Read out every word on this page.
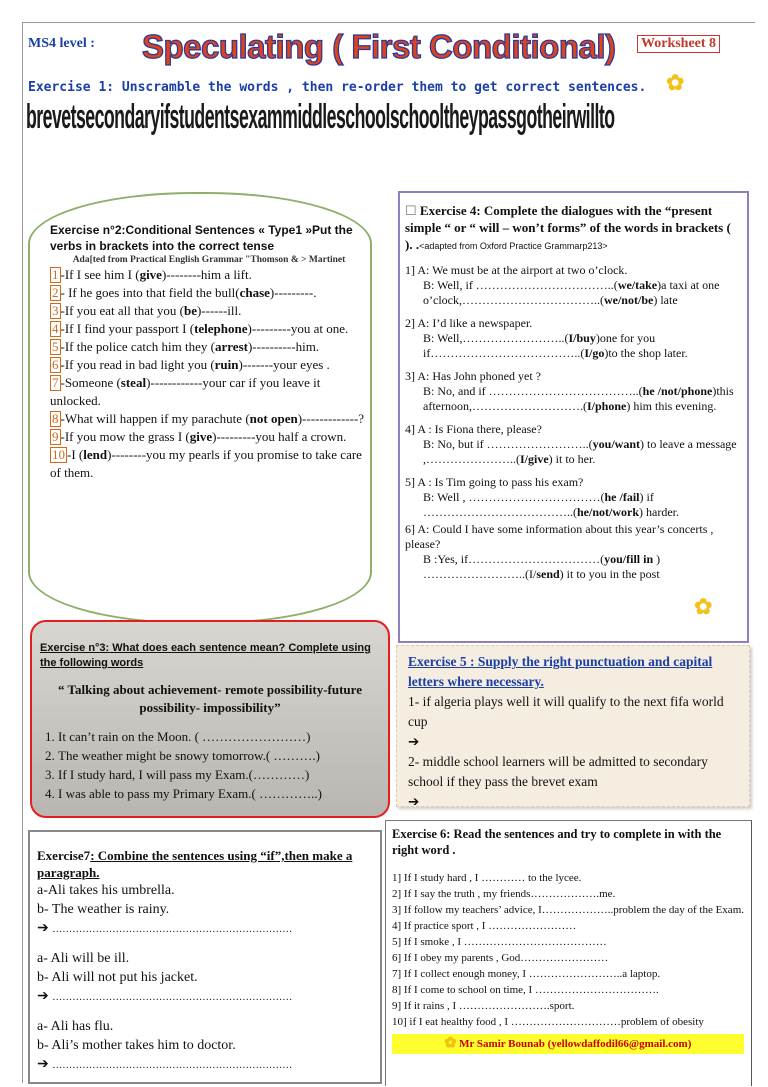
MS4 level : Speculating ( First Conditional) Worksheet 8
✿
Exercise 1: Unscramble the words , then re-order them to get correct sentences.
brevetsecondaryifstudentsexammiddleschoolschooltheypassgotheirwillto
Exercise n°2:Conditional Sentences « Type1 »Put the verbs in brackets into the correct tense
Ada[ted from Practical English Grammar "Thomson & > Martinet
1 -If I see him I (give)--------him a lift.
2 - If he goes into that field the bull(chase)---------.
3 -If you eat all that you (be)------ill.
4 -If I find your passport I (telephone)---------you at one.
5 -If the police catch him they (arrest)----------him.
6 -If you read in bad light you (ruin)-------your eyes .
7 -Someone (steal)------------your car if you leave it unlocked.
8 -What will happen if my parachute (not open)-------------?
9 -If you mow the grass I (give)---------you half a crown.
10 -I (lend)--------you my pearls if you promise to take care of them.
☐ Exercise 4: Complete the dialogues with the “present simple “ or “ will – won’t forms” of the words in brackets ( ). .<adapted from Oxford Practice Grammarp213>
1] A: We must be at the airport at two o’clock.
B: Well, if ……………………………..(we/take)a taxi at one o’clock,……………………………..(we/not/be) late
2] A: I’d like a newspaper.
B: Well,……………………..(I/buy)one for you if………………………………..(I/go)to the shop later.
3] A: Has John phoned yet ?
B: No, and if ………………………………..(he /not/phone)this afternoon,……………………….(I/phone) him this evening.
4] A : Is Fiona there, please?
B: No, but if ……………………..(you/want) to leave a message ,…………………..(I/give) it to her.
5] A : Is Tim going to pass his exam?
B: Well , ……………………………(he /fail) if ………………………………..(he/not/work) harder.
6] A: Could I have some information about this year’s concerts , please?
B :Yes, if……………………………(you/fill in ) ……………………..(I/send) it to you in the post
✿
Exercise n°3: What does each sentence mean? Complete using the following words
“ Talking about achievement- remote possibility-future possibility- impossibility”
1. It can’t rain on the Moon. ( ……………………)
2. The weather might be snowy tomorrow.( ……….)
3. If I study hard, I will pass my Exam.(…………)
4. I was able to pass my Primary Exam.( …………..)
Exercise 5 : Supply the right punctuation and capital letters where necessary.
1- if algeria plays well it will qualify to the next fifa world cup
➔
2- middle school learners will be admitted to secondary school if they pass the brevet exam
➔
Exercise 6: Read the sentences and try to complete in with the right word .
1] If I study hard , I ………… to the lycee.
2] If I say the truth , my friends……………….me.
3] If follow my teachers’ advice, I………………..problem the day of the Exam.
4] If practice sport , I ……………………
5] If I smoke , I …………………………………
6] If I obey my parents , God……………………
7] If I collect enough money, I ……………………..a laptop.
8] If I come to school on time, I …………………………….
9] If it rains , I …………………….sport.
10] if I eat healthy food , I …………………………problem of obesity
✿ Mr Samir Bounab (yellowdaffodil66@gmail.com)
Exercise7: Combine the sentences using “if”,then make a paragraph.
a-Ali takes his umbrella.
b- The weather is rainy.
➔ ………………………………………………………………
a- Ali will be ill.
b- Ali will not put his jacket.
➔ ………………………………………………………………
a- Ali has flu.
b- Ali’s mother takes him to doctor.
➔ ………………………………………………………………
